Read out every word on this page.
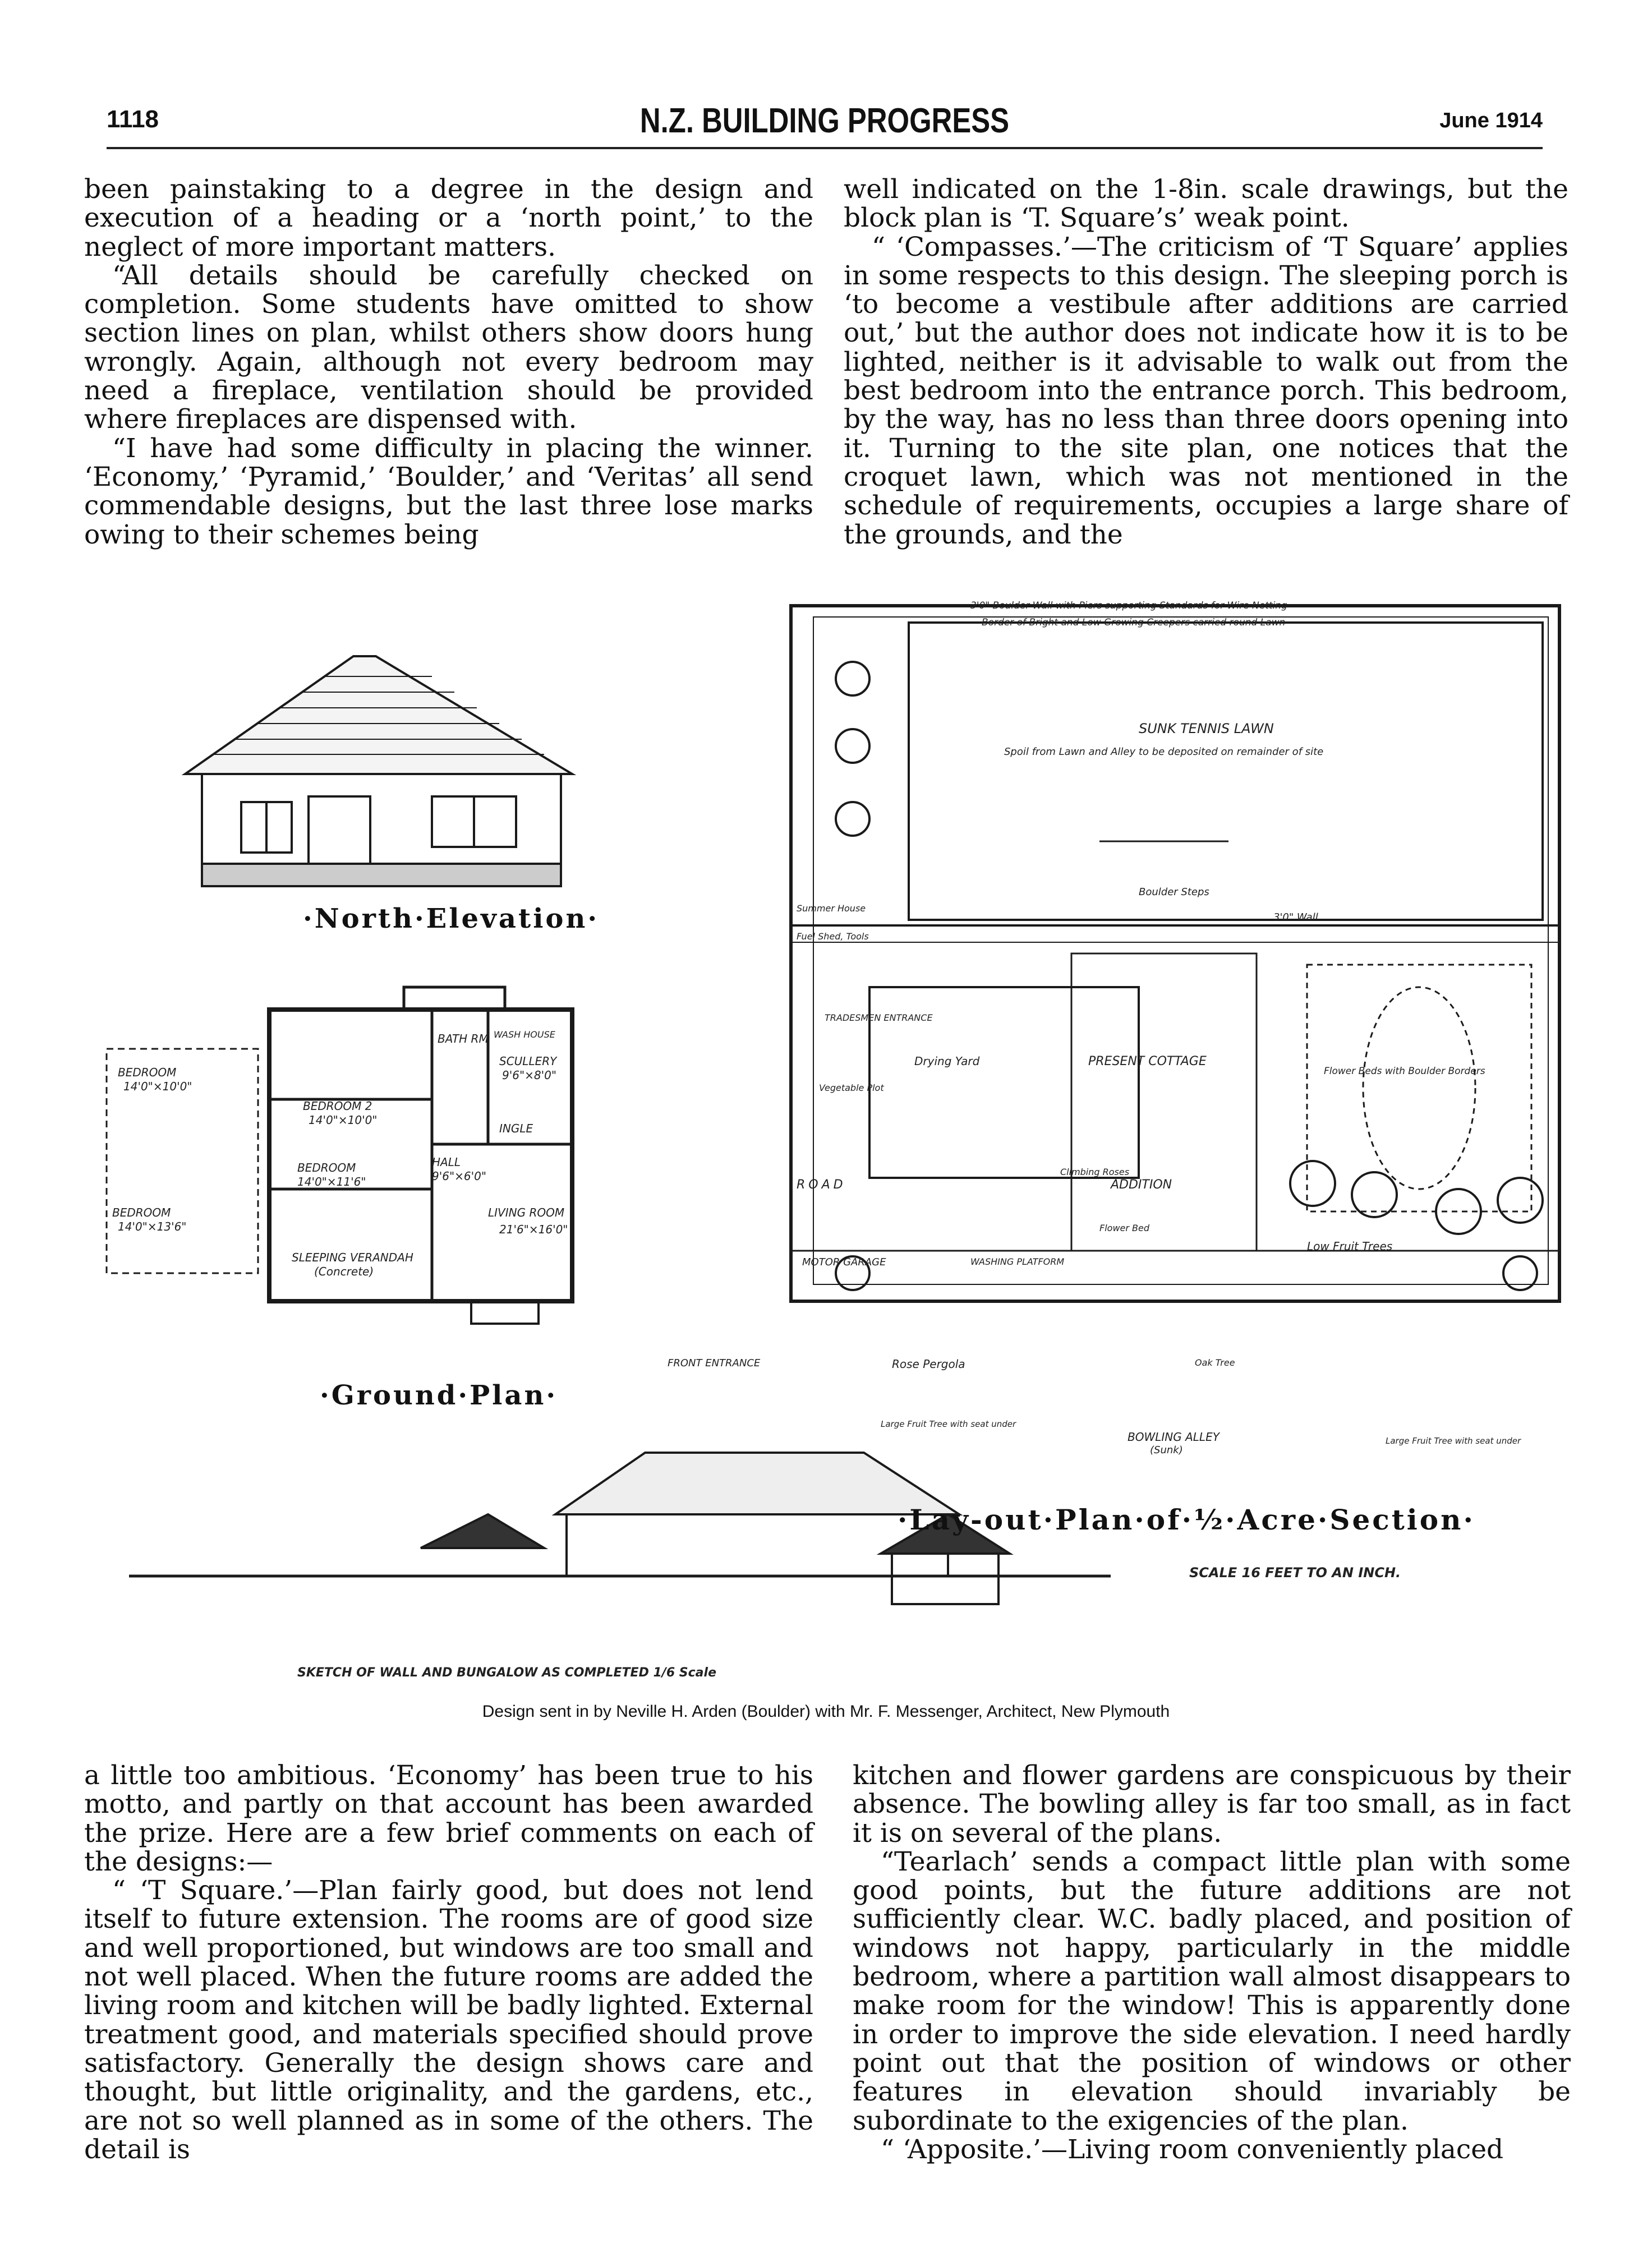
1118	N.Z. BUILDING PROGRESS	June 1914

been painstaking to a degree in the design and execution of a heading or a ‘north point,’ to the neglect of more important matters.

“All details should be carefully checked on completion. Some students have omitted to show section lines on plan, whilst others show doors hung wrongly. Again, although not every bedroom may need a fireplace, ventilation should be provided where fireplaces are dispensed with.

“I have had some difficulty in placing the winner. ‘Economy,’ ‘Pyramid,’ ‘Boulder,’ and ‘Veritas’ all send commendable designs, but the last three lose marks owing to their schemes being

well indicated on the 1-8in. scale drawings, but the block plan is ‘T. Square’s’ weak point.

“ ‘Compasses.’—The criticism of ‘T Square’ applies in some respects to this design. The sleeping porch is ‘to become a vestibule after additions are carried out,’ but the author does not indicate how it is to be lighted, neither is it advisable to walk out from the best bedroom into the entrance porch. This bedroom, by the way, has no less than three doors opening into it. Turning to the site plan, one notices that the croquet lawn, which was not mentioned in the schedule of requirements, occupies a large share of the grounds, and the

·North·Elevation·
·Ground·Plan·
·Lay-out·Plan·of·½·Acre·Section·
SCALE 16 FEET TO AN INCH.
SKETCH OF WALL AND BUNGALOW AS COMPLETED 1/6 Scale
BEDROOM
14'0"×10'0"
BEDROOM 2
14'0"×10'0"
BEDROOM
14'0"×11'6"
BEDROOM
14'0"×13'6"
SCULLERY
9'6"×8'0"
HALL
9'6"×6'0"
INGLE
LIVING ROOM
21'6"×16'0"
SLEEPING VERANDAH
(Concrete)
BATH RM WASH HOUSE
FRONT ENTRANCE
3'0" Boulder Wall with Piers supporting Standards for Wire Netting
Border of Bright and Low Growing Creepers carried round Lawn
SUNK TENNIS LAWN
Spoil from Lawn and Alley to be deposited on remainder of site
Boulder Steps
3'0" Wall
Summer House
Fuel Shed, Tools
TRADESMEN ENTRANCE
Drying Yard
Vegetable Plot
PRESENT COTTAGE
ADDITION
Flower Beds with Boulder Borders
ROAD
MOTOR GARAGE	WASHING PLATFORM
Climbing Roses
Flower Bed
Rose Pergola
Low Fruit Trees
Oak Tree
BOWLING ALLEY
(Sunk)
Large Fruit Tree with seat under
Large Fruit Tree with seat under
Design sent in by Neville H. Arden (Boulder) with Mr. F. Messenger, Architect, New Plymouth

a little too ambitious. ‘Economy’ has been true to his motto, and partly on that account has been awarded the prize. Here are a few brief comments on each of the designs:—

“ ‘T Square.’—Plan fairly good, but does not lend itself to future extension. The rooms are of good size and well proportioned, but windows are too small and not well placed. When the future rooms are added the living room and kitchen will be badly lighted. External treatment good, and materials specified should prove satisfactory. Generally the design shows care and thought, but little originality, and the gardens, etc., are not so well planned as in some of the others. The detail is

kitchen and flower gardens are conspicuous by their absence. The bowling alley is far too small, as in fact it is on several of the plans.

“Tearlach’ sends a compact little plan with some good points, but the future additions are not sufficiently clear. W.C. badly placed, and position of windows not happy, particularly in the middle bedroom, where a partition wall almost disappears to make room for the window! This is apparently done in order to improve the side elevation. I need hardly point out that the position of windows or other features in elevation should invariably be subordinate to the exigencies of the plan.

“ ‘Apposite.’—Living room conveniently placed
